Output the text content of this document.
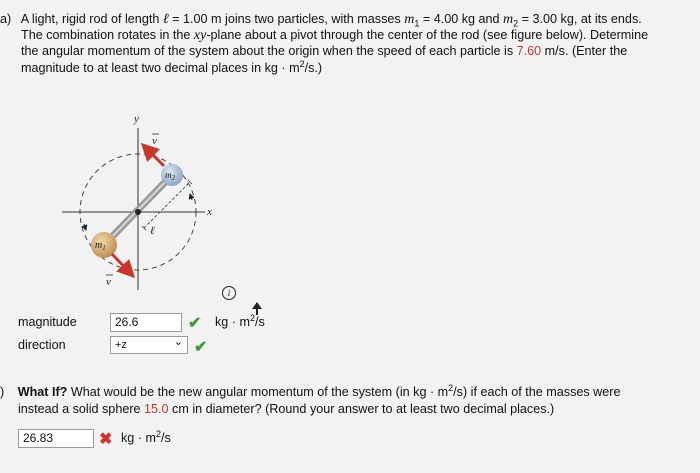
a) A light, rigid rod of length ℓ = 1.00 m joins two particles, with masses $m_1 = 4.00$ kg and $m_2 = 3.00$ kg, at its ends.
The combination rotates in the xy-plane about a pivot through the center of the rod (see figure below). Determine
the angular momentum of the system about the origin when the speed of each particle is 7.60 m/s. (Enter the
magnitude to at least two decimal places in kg · $m^2/s$.)
y
x
v
v
$m_1$
$m_2$
ℓ
i
magnitude	26.6	✔ kg · $m^2/s$
direction	+z	⌄ ✔
) What If? What would be the new angular momentum of the system (in kg · $m^2/s$) if each of the masses were
instead a solid sphere 15.0 cm in diameter? (Round your answer to at least two decimal places.)
26.83	✖ kg · $m^2/s$
